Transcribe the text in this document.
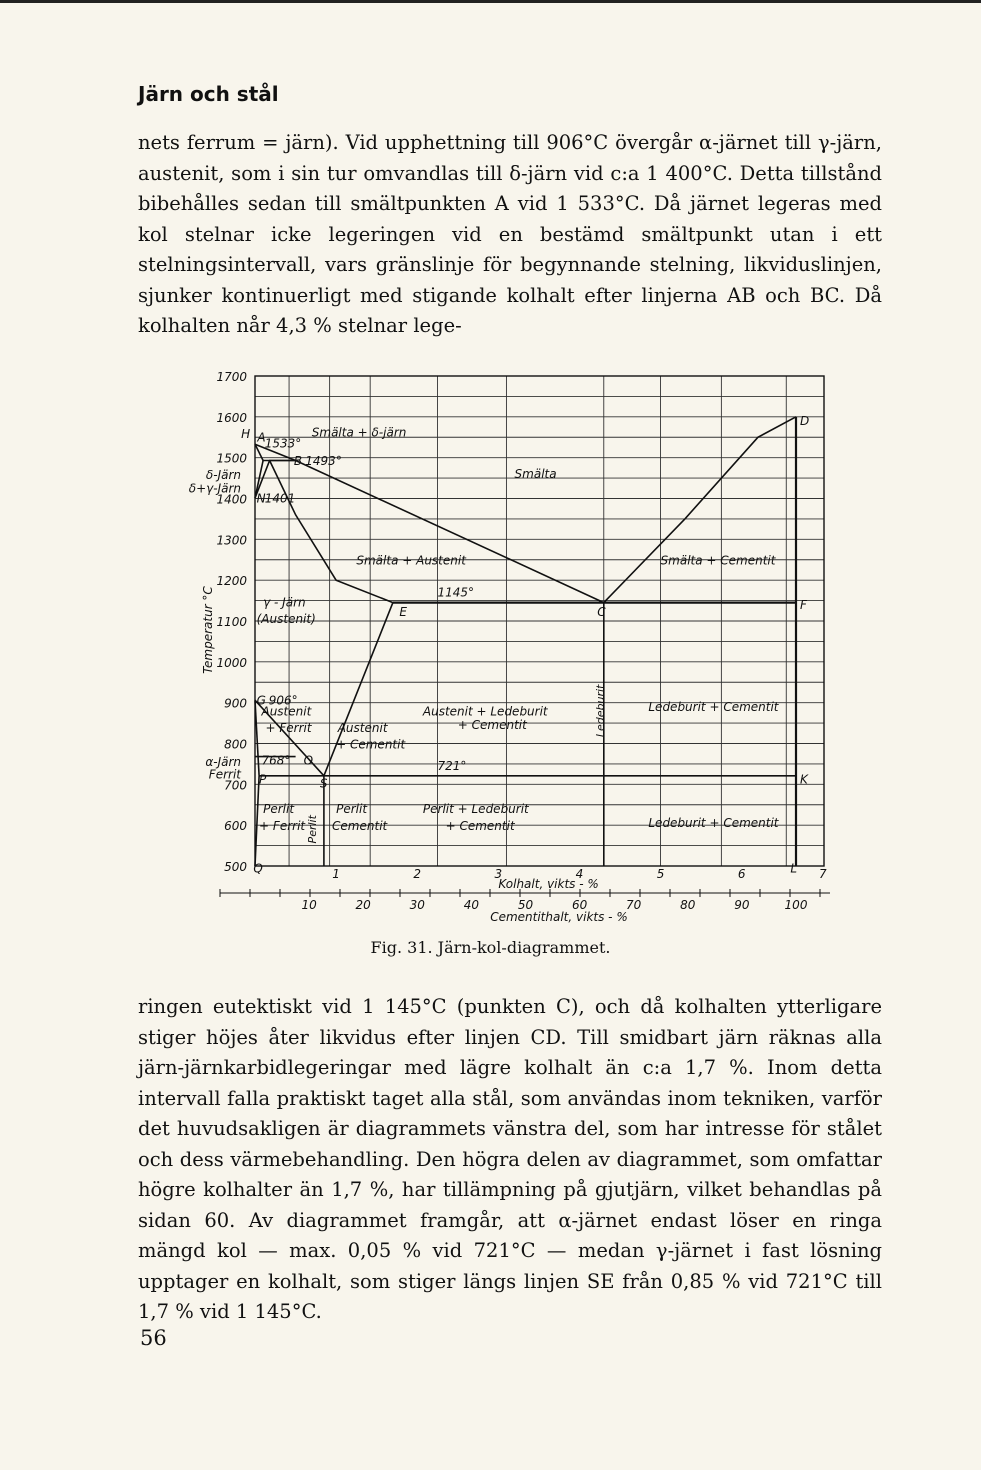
Järn och stål

nets ferrum = järn). Vid upphettning till 906°C övergår α-järnet till γ-järn, austenit, som i sin tur omvandlas till δ-järn vid c:a 1 400°C. Detta tillstånd bibehålles sedan till smältpunkten A vid 1 533°C. Då järnet legeras med kol stelnar icke legeringen vid en bestämd smältpunkt utan i ett stelningsintervall, vars gränslinje för begynnande stelning, likviduslinjen, sjunker kontinuerligt med stigande kolhalt efter linjerna AB och BC. Då kolhalten når 4,3 % stelnar lege-

500
600
700
800
900
1000
1100
1200
1300
1400
1500
1600
1700
Temperatur °C
δ-Järn
δ+γ-Järn
α-Järn
Ferrit
1	2	3	4	5	6	7
10	20	30	40	50	60	70	80	90	100
Kolhalt, vikts - %
Cementithalt, vikts - %
A 1533°
B 1493°
H
N 1401
E	C
F
D
G 906°
O
768°
S
P	K
Q	L
Smälta + δ-järn
Smälta
Smälta + Austenit	Smälta + Cementit
1145°
721°
γ - Järn
(Austenit)
Austenit
+ Ferrit Austenit
+ Cementit
Austenit + Ledeburit
+ Cementit
Ledeburit + Cementit
Perlit
+ Ferrit
Perlit
Cementit
Perlit + Ledeburit
+ Cementit	Ledeburit + Cementit
Ledeburit
Perlit
Fig. 31. Järn-kol-diagrammet.

ringen eutektiskt vid 1 145°C (punkten C), och då kolhalten ytterligare stiger höjes åter likvidus efter linjen CD. Till smidbart järn räknas alla järn-järnkarbidlegeringar med lägre kolhalt än c:a 1,7 %. Inom detta intervall falla praktiskt taget alla stål, som användas inom tekniken, varför det huvudsakligen är diagrammets vänstra del, som har intresse för stålet och dess värmebehandling. Den högra delen av diagrammet, som omfattar högre kolhalter än 1,7 %, har tillämpning på gjutjärn, vilket behandlas på sidan 60. Av diagrammet framgår, att α-järnet endast löser en ringa mängd kol — max. 0,05 % vid 721°C — medan γ-järnet i fast lösning upptager en kolhalt, som stiger längs linjen SE från 0,85 % vid 721°C till 1,7 % vid 1 145°C.

56
